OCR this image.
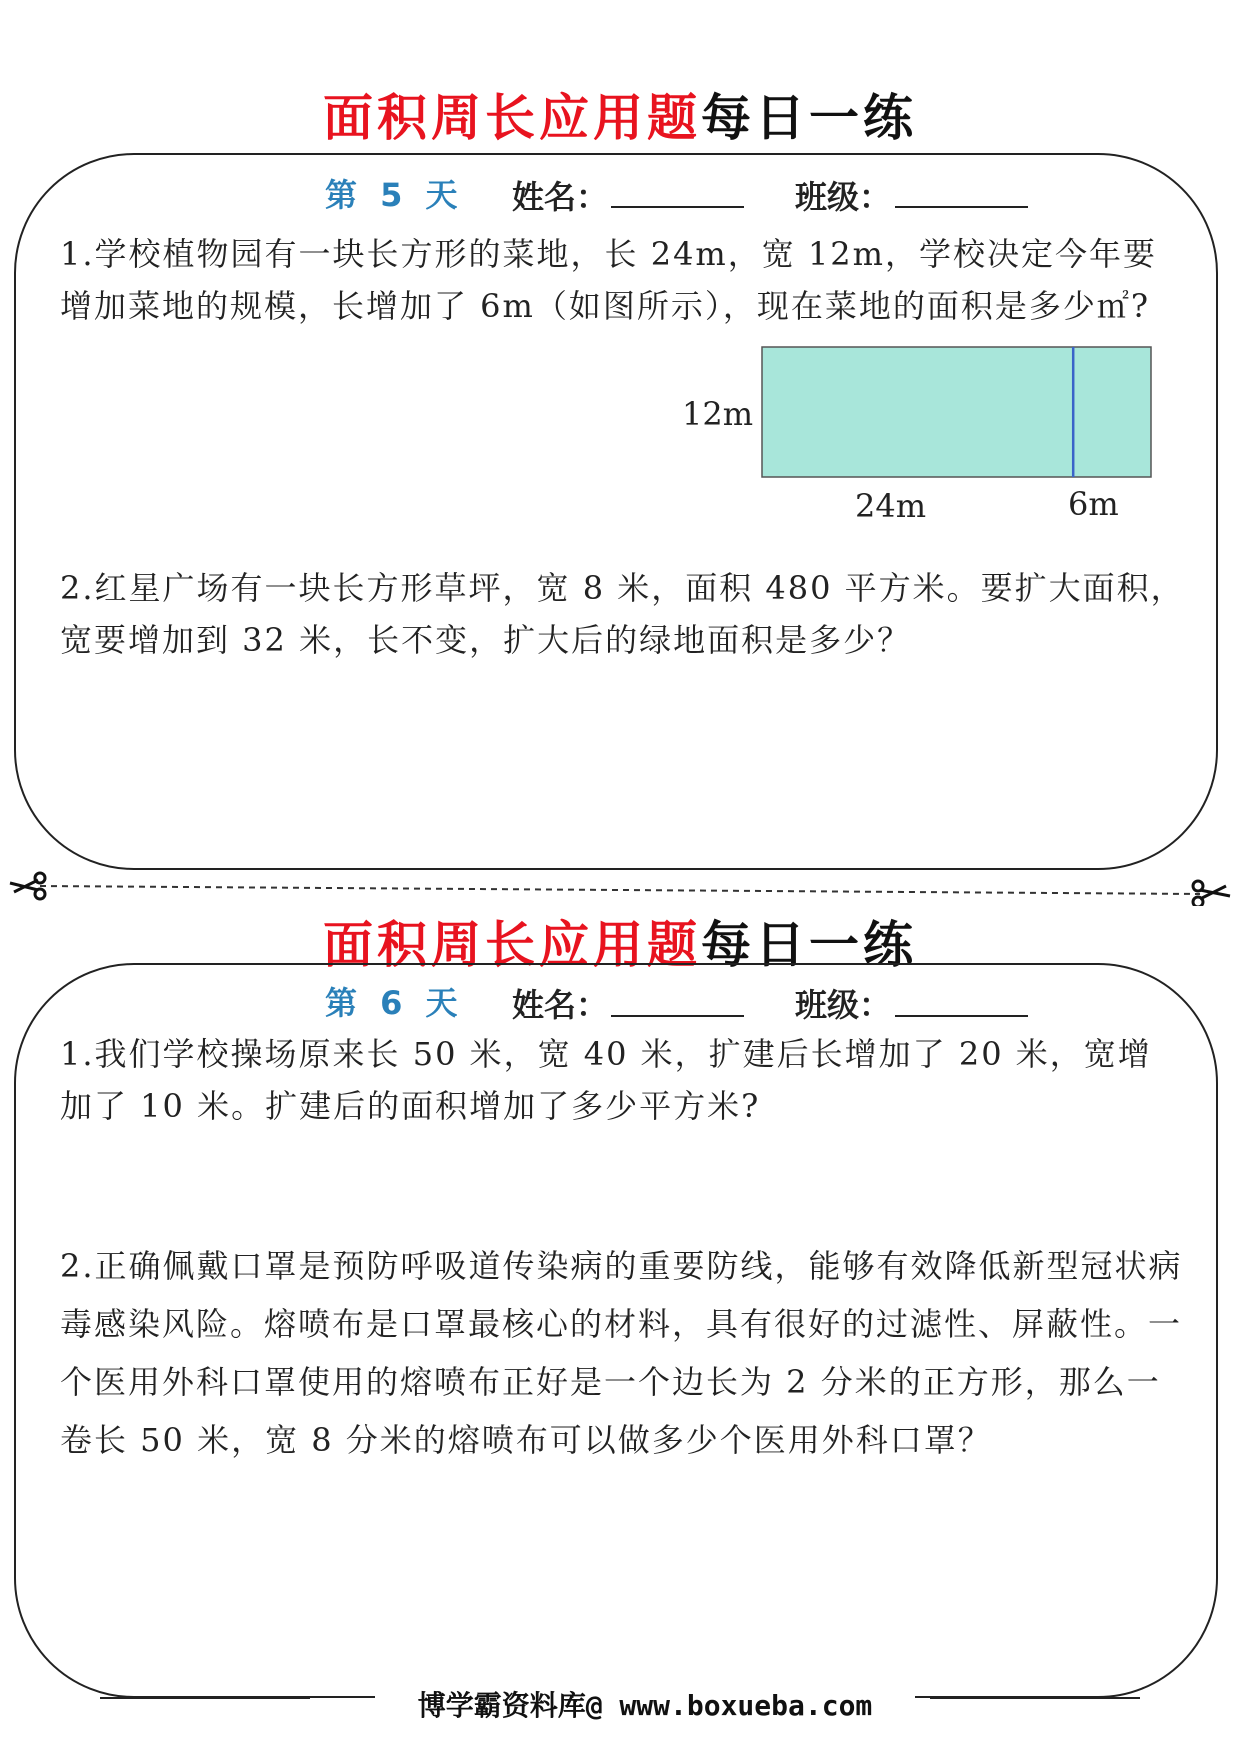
面积周长应用题每日一练
第 5 天 姓名：	班级：
1.学校植物园有一块长方形的菜地，长 24m，宽 12m，学校决定今年要增加菜地的规模，长增加了 6m（如图所示），现在菜地的面积是多少㎡?
12m
24m	6m
2.红星广场有一块长方形草坪，宽 8 米，面积 480 平方米。要扩大面积，宽要增加到 32 米，长不变，扩大后的绿地面积是多少？
面积周长应用题每日一练
第 6 天 姓名：	班级：
1.我们学校操场原来长 50 米，宽 40 米，扩建后长增加了 20 米，宽增加了 10 米。扩建后的面积增加了多少平方米?
2.正确佩戴口罩是预防呼吸道传染病的重要防线，能够有效降低新型冠状病毒感染风险。熔喷布是口罩最核心的材料，具有很好的过滤性、屏蔽性。一个医用外科口罩使用的熔喷布正好是一个边长为 2 分米的正方形，那么一卷长 50 米，宽 8 分米的熔喷布可以做多少个医用外科口罩？
博学霸资料库@ www.boxueba.com
